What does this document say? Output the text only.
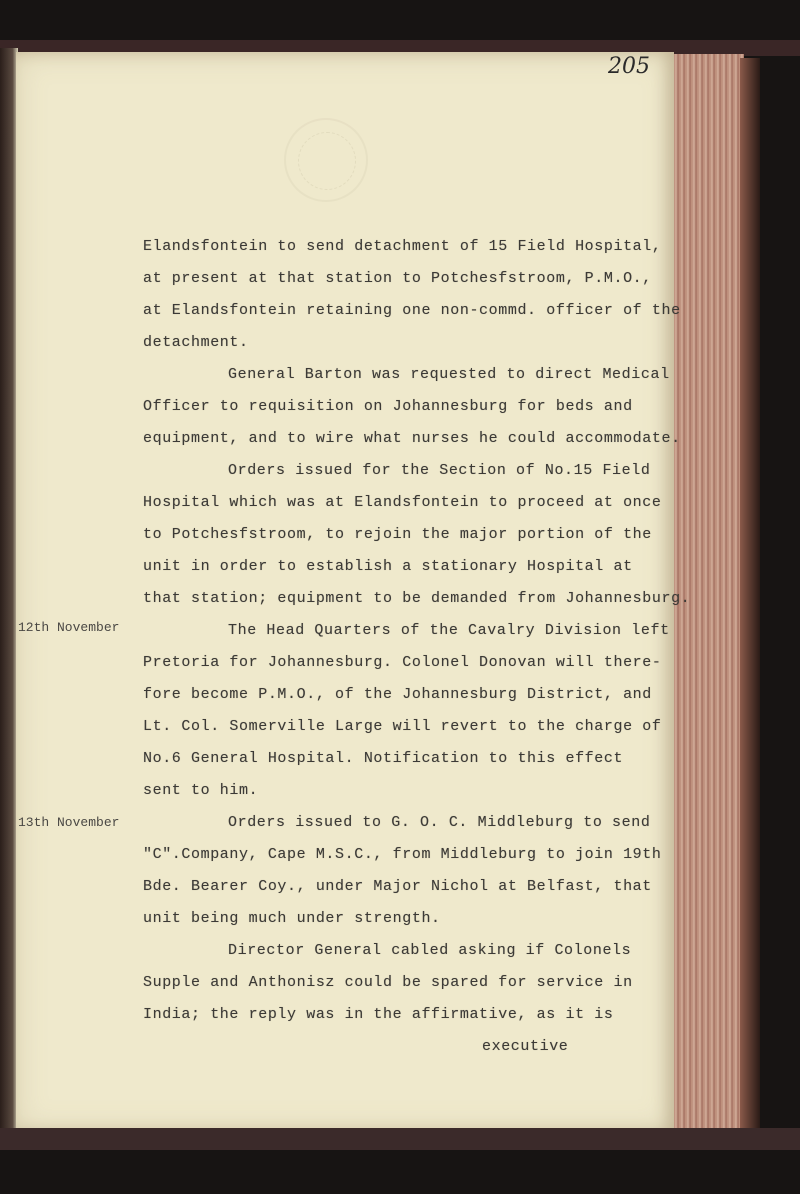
205
12th November
13th November
Elandsfontein to send detachment of 15 Field Hospital,
at present at that station to Potchesfstroom, P.M.O.,
at Elandsfontein retaining one non-commd. officer of the
detachment.
General Barton was requested to direct Medical
Officer to requisition on Johannesburg for beds and
equipment, and to wire what nurses he could accommodate.
Orders issued for the Section of No.15 Field
Hospital which was at Elandsfontein to proceed at once
to Potchesfstroom, to rejoin the major portion of the
unit in order to establish a stationary Hospital at
that station; equipment to be demanded from Johannesburg.
The Head Quarters of the Cavalry Division left
Pretoria for Johannesburg. Colonel Donovan will there-
fore become P.M.O., of the Johannesburg District, and
Lt. Col. Somerville Large will revert to the charge of
No.6 General Hospital. Notification to this effect
sent to him.
Orders issued to G. O. C. Middleburg to send
"C".Company, Cape M.S.C., from Middleburg to join 19th
Bde. Bearer Coy., under Major Nichol at Belfast, that
unit being much under strength.
Director General cabled asking if Colonels
Supple and Anthonisz could be spared for service in
India; the reply was in the affirmative, as it is
executive
